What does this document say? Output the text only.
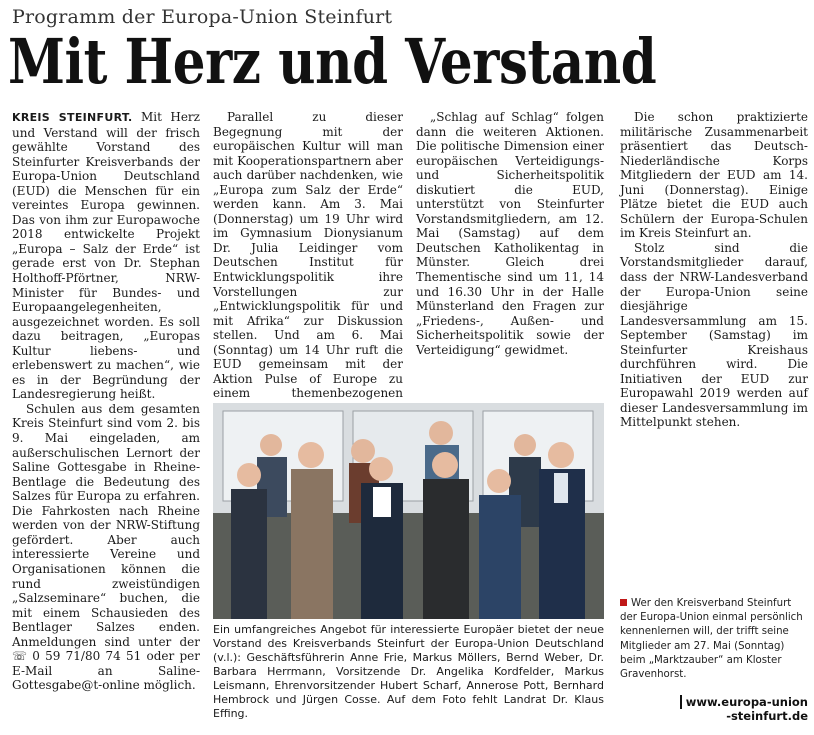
Programm der Europa-Union Steinfurt
Mit Herz und Verstand

KREIS STEINFURT. Mit Herz und Verstand will der frisch gewählte Vorstand des Steinfurter Kreisverbands der Europa-Union Deutschland (EUD) die Menschen für ein vereintes Europa gewinnen. Das von ihm zur Europawoche 2018 entwickelte Projekt „Europa – Salz der Erde“ ist gerade erst von Dr. Stephan Holthoff-Pförtner, NRW-Minister für Bundes- und Europaangelegenheiten, ausgezeichnet worden. Es soll dazu beitragen, „Europas Kultur liebens- und erlebenswert zu machen“, wie es in der Begründung der Landesregierung heißt.

Schulen aus dem gesamten Kreis Steinfurt sind vom 2. bis 9. Mai eingeladen, am außerschulischen Lernort der Saline Gottesgabe in Rheine-Bentlage die Bedeutung des Salzes für Europa zu erfahren. Die Fahrkosten nach Rheine werden von der NRW-Stiftung gefördert. Aber auch interessierte Vereine und Organisationen können die rund zweistündigen „Salzseminare“ buchen, die mit einem Schausieden des Bentlager Salzes enden. Anmeldungen sind unter der ☏ 0 59 71/80 74 51 oder per E-Mail an Saline-Gottesgabe@t-online möglich.

Parallel zu dieser Begegnung mit der europäischen Kultur will man mit Kooperationspartnern aber auch darüber nachdenken, wie „Europa zum Salz der Erde“ werden kann. Am 3. Mai (Donnerstag) um 19 Uhr wird im Gymnasium Dionysianum Dr. Julia Leidinger vom Deutschen Institut für Entwicklungspolitik ihre Vorstellungen zur „Entwicklungspolitik für und mit Afrika“ zur Diskussion stellen. Und am 6. Mai (Sonntag) um 14 Uhr ruft die EUD gemeinsam mit der Aktion Pulse of Europe zu einem themenbezogenen

„Schlag auf Schlag“ folgen dann die weiteren Aktionen. Die politische Dimension einer europäischen Verteidigungs- und Sicherheitspolitik diskutiert die EUD, unterstützt von Steinfurter Vorstandsmitgliedern, am 12. Mai (Samstag) auf dem Deutschen Katholikentag in Münster. Gleich drei Thementische sind um 11, 14 und 16.30 Uhr in der Halle Münsterland den Fragen zur „Friedens-, Außen- und Sicherheitspolitik sowie der Verteidigung“ gewidmet.

Die schon praktizierte militärische Zusammenarbeit präsentiert das Deutsch-Niederländische Korps Mitgliedern der EUD am 14. Juni (Donnerstag). Einige Plätze bietet die EUD auch Schülern der Europa-Schulen im Kreis Steinfurt an.

Stolz sind die Vorstandsmitglieder darauf, dass der NRW-Landesverband der Europa-Union seine diesjährige Landesversammlung am 15. September (Samstag) im Steinfurter Kreishaus durchführen wird. Die Initiativen der EUD zur Europawahl 2019 werden auf dieser Landesversammlung im Mittelpunkt stehen.

Ein umfangreiches Angebot für interessierte Europäer bietet der neue Vorstand des Kreisverbands Steinfurt der Europa-Union Deutschland (v.l.): Geschäftsführerin Anne Frie, Markus Möllers, Bernd Weber, Dr. Barbara Herrmann, Vorsitzende Dr. Angelika Kordfelder, Markus Leismann, Ehrenvorsitzender Hubert Scharf, Annerose Pott, Bernhard Hembrock und Jürgen Cosse. Auf dem Foto fehlt Landrat Dr. Klaus Effing.
Wer den Kreisverband Steinfurt der Europa-Union einmal persönlich kennenlernen will, der trifft seine Mitglieder am 27. Mai (Sonntag) beim „Marktzauber“ am Kloster Gravenhorst.
www.europa-union
-steinfurt.de
